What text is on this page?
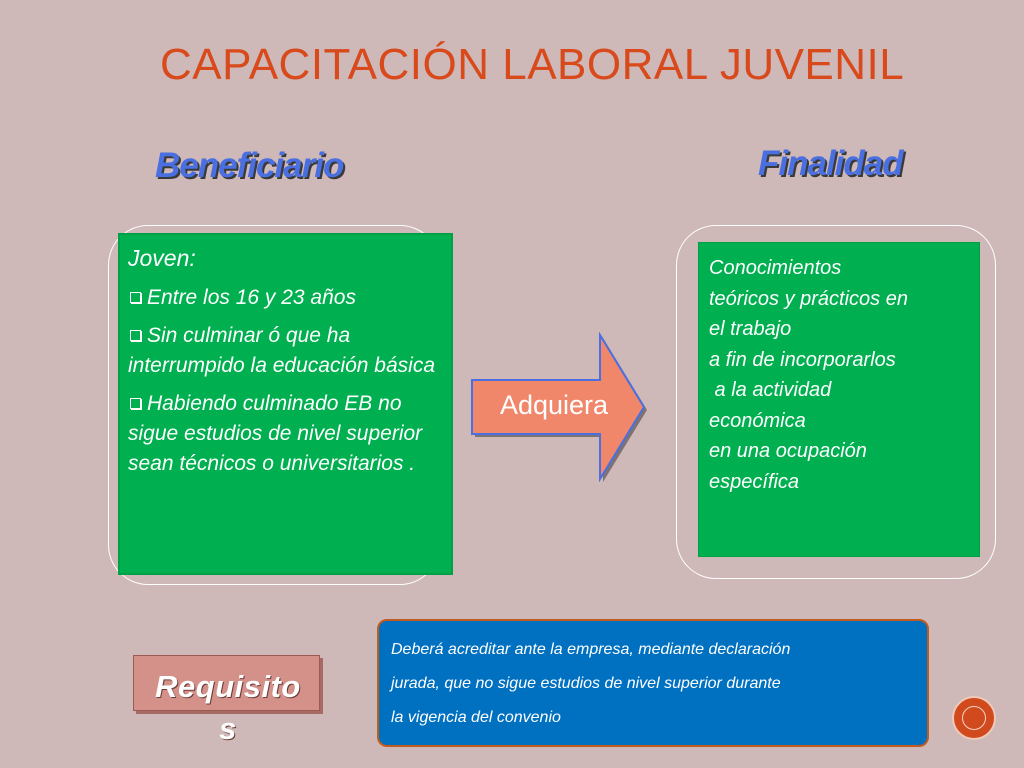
CAPACITACIÓN LABORAL JUVENIL
Beneficiario	Finalidad
Joven:
Entre los 16 y 23 años
Sin culminar ó que ha interrumpido la educación básica
Habiendo culminado EB no sigue estudios de nivel superior sean técnicos o universitarios .
Adquiera
Conocimientos
teóricos y prácticos en
el trabajo
a fin de incorporarlos
a la actividad
económica
en una ocupación
específica
Requisito
s
Deberá acreditar ante la empresa, mediante declaración
jurada, que no sigue estudios de nivel superior durante
la vigencia del convenio
